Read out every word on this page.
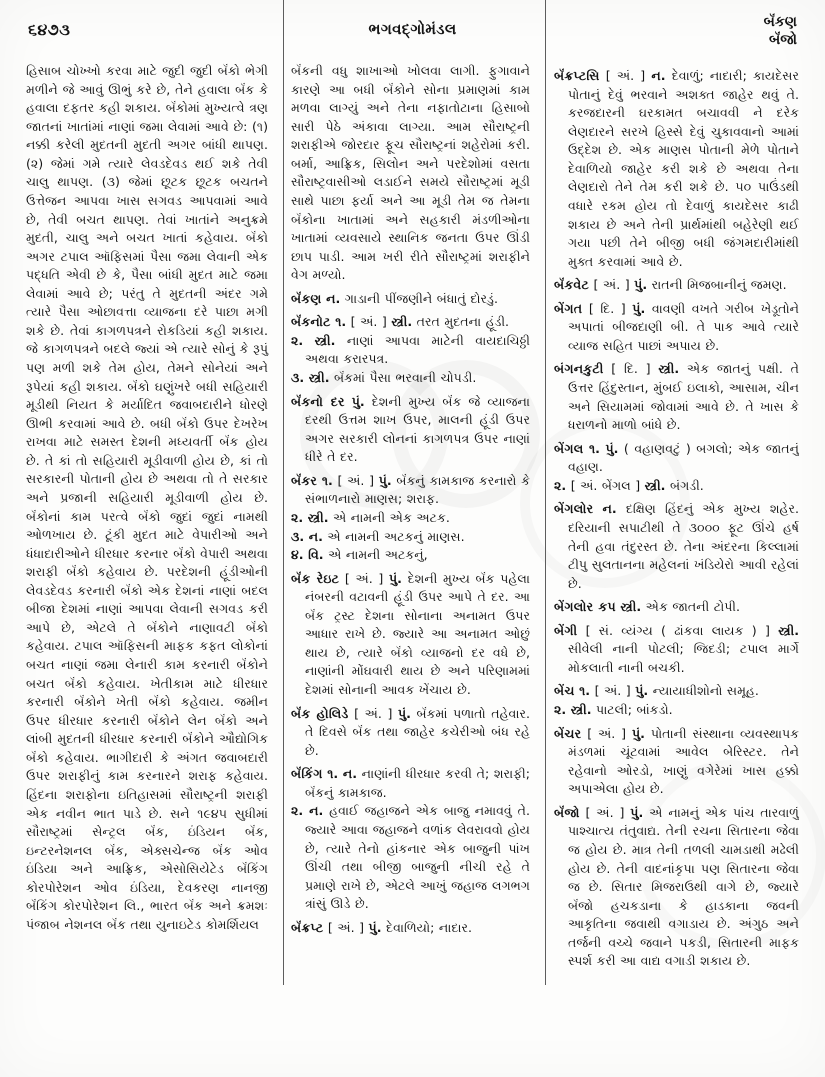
૬૪૭૩	ભગવદ્‌ગોમંડલ	બૅંકણ
બૅંજો

હિસાબ ચોખ્ખો કરવા માટે જુદી જુદી બૅંકો ભેગી મળીને જે આવું ઊભું કરે છે, તેને હવાલા બૅંક કે હવાલા દફતર કહી શકાય. બૅંકોમાં મુખ્યત્વે ત્રણ જાતનાં ખાતાંમાં નાણાં જમા લેવામાં આવે છે: (૧) નક્કી કરેલી મુદતની મુદતી અગર બાંધી થાપણ. (૨) જેમાં ગમે ત્યારે લેવડદેવડ થઈ શકે તેવી ચાલુ થાપણ. (૩) જેમાં છૂટક છૂટક બચતને ઉત્તેજન આપવા ખાસ સગવડ આપવામાં આવે છે, તેવી બચત થાપણ. તેવાં ખાતાંને અનુક્રમે મુદતી, ચાલુ અને બચત ખાતાં કહેવાય. બૅંકો અગર ટપાલ ઑફિસમાં પૈસા જમા લેવાની એક પદ્ધતિ એવી છે કે, પૈસા બાંધી મુદત માટે જમા લેવામાં આવે છે; પરંતુ તે મુદતની અંદર ગમે ત્યારે પૈસા ઓછાવત્તા વ્યાજના દરે પાછા મગી શકે છે. તેવાં કાગળપત્રને રોકડિયાં કહી શકાય. જે કાગળપત્રને બદલે જ્યાં એ ત્યારે સોનું કે રૂપું પણ મળી શકે તેમ હોય, તેમને સોનેયાં અને રૂપેયાં કહી શકાય. બૅંકો ઘણુંખરે બધી સહિયારી મૂડીથી નિયત કે મર્યાદિત જવાબદારીને ધોરણે ઊભી કરવામાં આવે છે. બધી બૅંકો ઉપર દેખરેખ રાખવા માટે સમસ્ત દેશની મધ્યવર્તી બૅંક હોય છે. તે કાં તો સહિયારી મૂડીવાળી હોય છે, કાં તો સરકારની પોતાની હોય છે અથવા તો તે સરકાર અને પ્રજાની સહિયારી મૂડીવાળી હોય છે. બૅંકોનાં કામ પરત્વે બૅંકો જુદાં જુદાં નામથી ઓળખાય છે. ટૂંકી મુદત માટે વેપારીઓ અને ધંધાદારીઓને ધીરધાર કરનાર બૅંકો વેપારી અથવા શરાફી બૅંકો કહેવાય છે. પરદેશની હૂંડીઓની લેવડદેવડ કરનારી બૅંકો એક દેશનાં નાણાં બદલ બીજા દેશમાં નાણાં આપવા લેવાની સગવડ કરી આપે છે, એટલે તે બૅંકોને નાણાવટી બૅંકો કહેવાય. ટપાલ ઑફિસની માફક કફત લોકોનાં બચત નાણાં જમા લેનારી કામ કરનારી બૅંકોને બચત બૅંકો કહેવાય. ખેતીકામ માટે ધીરધાર કરનારી બૅંકોને ખેતી બૅંકો કહેવાય. જમીન ઉપર ધીરધાર કરનારી બૅંકોને લેન બૅંકો અને લાંબી મુદતની ધીરધાર કરનારી બૅંકોને ઔદ્યોગિક બૅંકો કહેવાય. ભાગીદારી કે અંગત જવાબદારી ઉપર શરાફીનું કામ કરનારને શરાફ કહેવાય. હિંદના શરાફોના ઇતિહાસમાં સૌરાષ્ટ્રની શરાફી એક નવીન ભાત પાડે છે. સને ૧૯૪૫ સુધીમાં સૌરાષ્ટ્રમાં સેન્ટ્રલ બૅંક, ઇંડિયન બૅંક, ઇન્ટરનેશનલ બૅંક, એક્સચેન્જ બૅંક ઓવ ઇંડિયા અને આફ્રિક, એસોસિયેટેડ બૅંકિંગ કોરપોરેશન ઓવ ઇંડિયા, દેવકરણ નાનજી બૅંકિંગ કોરપોરેશન લિ., ભારત બૅંક અને ક્રમશઃ પંજાબ નેશનલ બૅંક તથા યુનાઇટેડ કોમર્શિયલ

બૅંકની વધુ શાખાઓ ખોલવા લાગી. ફુગાવાને કારણે આ બધી બૅંકોને સોના પ્રમાણમાં કામ મળવા લાગ્યું અને તેના નફાતોટાના હિસાબો સારી પેઠે અંકાવા લાગ્યા. આમ સૌરાષ્ટ્રની શરાફીએ જોરદાર ફૂચ સૌરાષ્ટ્રનાં શહેરોમાં કરી. બર્મા, આફ્રિક, સિલોન અને પરદેશોમાં વસતા સૌરાષ્ટ્રવાસીઓ લડાઈને સમયે સૌરાષ્ટ્રમાં મૂડી સાથે પાછા ફર્યા અને આ મૂડી તેમ જ તેમના બૅંકોના ખાતામાં અને સહકારી મંડળીઓના ખાતામાં વ્યવસાયે સ્થાનિક જનતા ઉપર ઊંડી છાપ પાડી. આમ ખરી રીતે સૌરાષ્ટ્રમાં શરાફીને વેગ મળ્યો.

બૅંકણ ન. ગાડાની પીંજણીને બંધાતું દોરડું.

બૅંકનોટ ૧. [ અં. ] સ્ત્રી. તરત મુદતના હૂંડી.

૨. સ્ત્રી. નાણાં આપવા માટેની વાયદાચિઠ્ઠી અથવા કરારપત્ર.

૩. સ્ત્રી. બૅંકમાં પૈસા ભરવાની ચોપડી.

બૅંકનો દર પું. દેશની મુખ્ય બૅંક જે વ્યાજના દરથી ઉત્તમ શાખ ઉપર, માલની હૂંડી ઉપર અગર સરકારી લોનનાં કાગળપત્ર ઉપર નાણાં ધીરે તે દર.

બૅંકર ૧. [ અં. ] પું. બૅંકનું કામકાજ કરનારો કે સંભાળનારો માણસ; શરાફ.

૨. સ્ત્રી. એ નામની એક અટક.

૩. ન. એ નામની અટકનું માણસ.

૪. વિ. એ નામની અટકનું,

બૅંક રેઇટ [ અં. ] પું. દેશની મુખ્ય બૅંક પહેલા નંબરની વટાવની હૂંડી ઉપર આપે તે દર. આ બૅંક ટ્રસ્ટ દેશના સોનાના અનામત ઉપર આધાર રાખે છે. જ્યારે આ અનામત ઓછું થાય છે, ત્યારે બૅંકો વ્યાજનો દર વધે છે, નાણાંની મોંઘવારી થાય છે અને પરિણામમાં દેશમાં સોનાની આવક ખેંચાય છે.

બૅંક હોલિડે [ અં. ] પું. બૅંકમાં પળાતો તહેવાર. તે દિવસે બૅંક તથા જાહેર કચેરીઓ બંધ રહે છે.

બૅંકિંગ ૧. ન. નાણાંની ધીરધાર કરવી તે; શરાફી; બૅંકનું કામકાજ.

૨. ન. હવાઈ જહાજને એક બાજુ નમાવવું તે. જ્યારે આવા જહાજને વળાંક લેવરાવવો હોય છે, ત્યારે તેનો હાંકનાર એક બાજુની પાંખ ઊંચી તથા બીજી બાજુની નીચી રહે તે પ્રમાણે રાખે છે, એટલે આખું જહાજ લગભગ ત્રાંસું ઊડે છે.

બૅંક્રપ્ટ [ અં. ] પું. દેવાળિયો; નાદાર.

બૅંક્રપ્ટસિ [ અં. ] ન. દેવાળું; નાદારી; કાયદેસર પોતાનું દેવું ભરવાને અશક્ત જાહેર થવું તે. કરજદારની ઘરકામત બચાવવી ને દરેક લેણદારને સરખે હિસ્સે દેવું ચુકાવવાનો આમાં ઉદ્દેશ છે. એક માણસ પોતાની મેળે પોતાને દેવાળિયો જાહેર કરી શકે છે અથવા તેના લેણદારો તેને તેમ કરી શકે છે. ૫૦ પાઉંડથી વધારે રકમ હોય તો દેવાળું કાયદેસર કાઢી શકાય છે અને તેની પ્રાર્થમાંથી બહેરેણી થઈ ગયા પછી તેને બીજી બધી જંગમદારીમાંથી મુક્ત કરવામાં આવે છે.

બૅંકવેટ [ અં. ] પું. રાતની મિજબાનીનું જમણ.

બેંગત [ દિ. ] પું. વાવણી વખતે ગરીબ ખેડૂતોને અપાતાં બીજદાણી બી. તે પાક આવે ત્યારે વ્યાજ સહિત પાછાં અપાય છે.

બંગનકુટી [ દિ. ] સ્ત્રી. એક જાતનું પક્ષી. તે ઉત્તર હિંદુસ્તાન, મુંબઈ ઇલાકો, આસામ, ચીન અને સિયામમાં જોવામાં આવે છે. તે ખાસ કે ધરાળનો માળો બાંધે છે.

બેંગલ ૧. પું. ( વહાણવટું ) બગલો; એક જાતનું વહાણ.

૨. [ અં. બેંગલ ] સ્ત્રી. બંગડી.

બેંગલોર ન. દક્ષિણ હિંદનું એક મુખ્ય શહેર. દરિયાની સપાટીથી તે ૩૦૦૦ ફૂટ ઊંચે હર્ષ તેની હવા તંદુરસ્ત છે. તેના અંદરના કિલ્લામાં ટીપુ સુલતાનના મહેલનાં ખંડિયેરો આવી રહેલાં છે.

બેંગલોર કપ સ્ત્રી. એક જાતની ટોપી.

બેંગી [ સં. વ્યંગ્ય ( ઢાંકવા લાયક ) ] સ્ત્રી. સીવેલી નાની પોટલી; જિદડી; ટપાલ માર્ગે મોકલાતી નાની બચકી.

બેંચ ૧. [ અં. ] પું. ન્યાયાધીશોનો સમૂહ.

૨. સ્ત્રી. પાટલી; બાંકડો.

બેંચર [ અં. ] પું. પોતાની સંસ્થાના વ્યવસ્થાપક મંડળમાં ચૂંટવામાં આવેલ બેરિસ્ટર. તેને રહેવાનો ઓરડો, ખાણું વગેરેમાં ખાસ હક્કો અપાએલા હોય છે.

બૅંજો [ અં. ] પું. એ નામનું એક પાંચ તારવાળું પાશ્ચાત્ય તંતુવાદ્ય. તેની રચના સિતારના જેવા જ હોય છે. માત્ર તેની તળલી ચામડાથી મઢેલી હોય છે. તેની વાદનાંકૃપા પણ સિતારના જેવા જ છે. સિતાર મિજરાઉથી વાગે છે, જ્યારે બૅંજો હચકડાના કે હાડકાના જવની આકૃતિના જવાથી વગાડાય છે. અંગુઠ અને તર્જની વચ્ચે જવાને પકડી, સિતારની માફક સ્પર્શ કરી આ વાદ્ય વગાડી શકાય છે.
